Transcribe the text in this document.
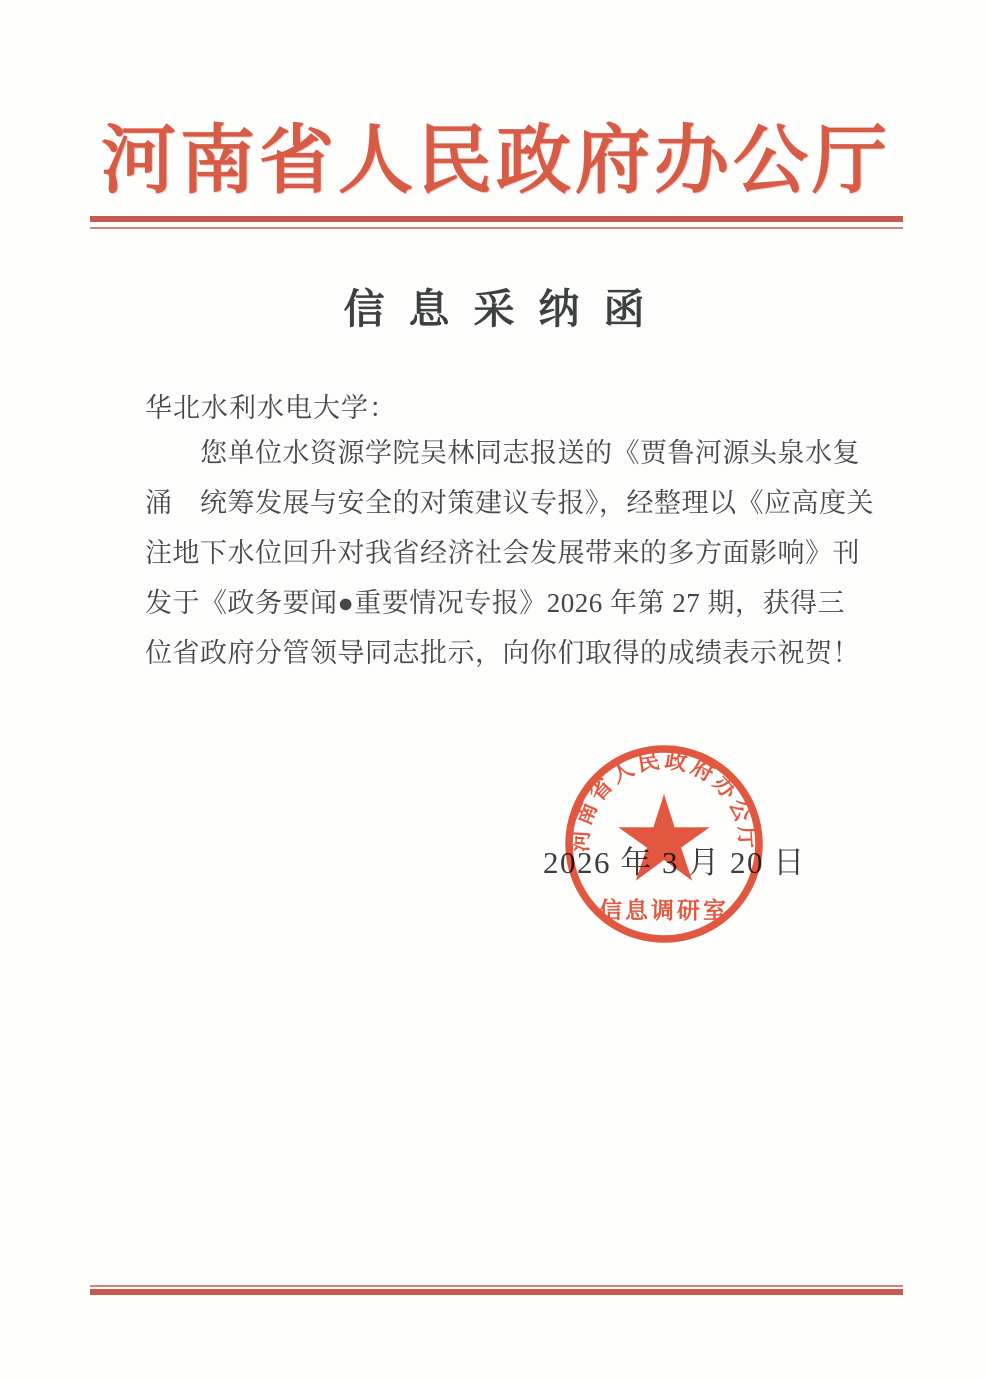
河南省人民政府办公厅
信息采纳函
华北水利水电大学：
您单位水资源学院吴林同志报送的《贾鲁河源头泉水复
涌　统筹发展与安全的对策建议专报》，经整理以《应高度关
注地下水位回升对我省经济社会发展带来的多方面影响》刊
发于《政务要闻●重要情况专报》2026 年第 27 期，获得三
位省政府分管领导同志批示，向你们取得的成绩表示祝贺！
河南省人民政府办公厅
信息调研室
2026 年 3 月 20 日
